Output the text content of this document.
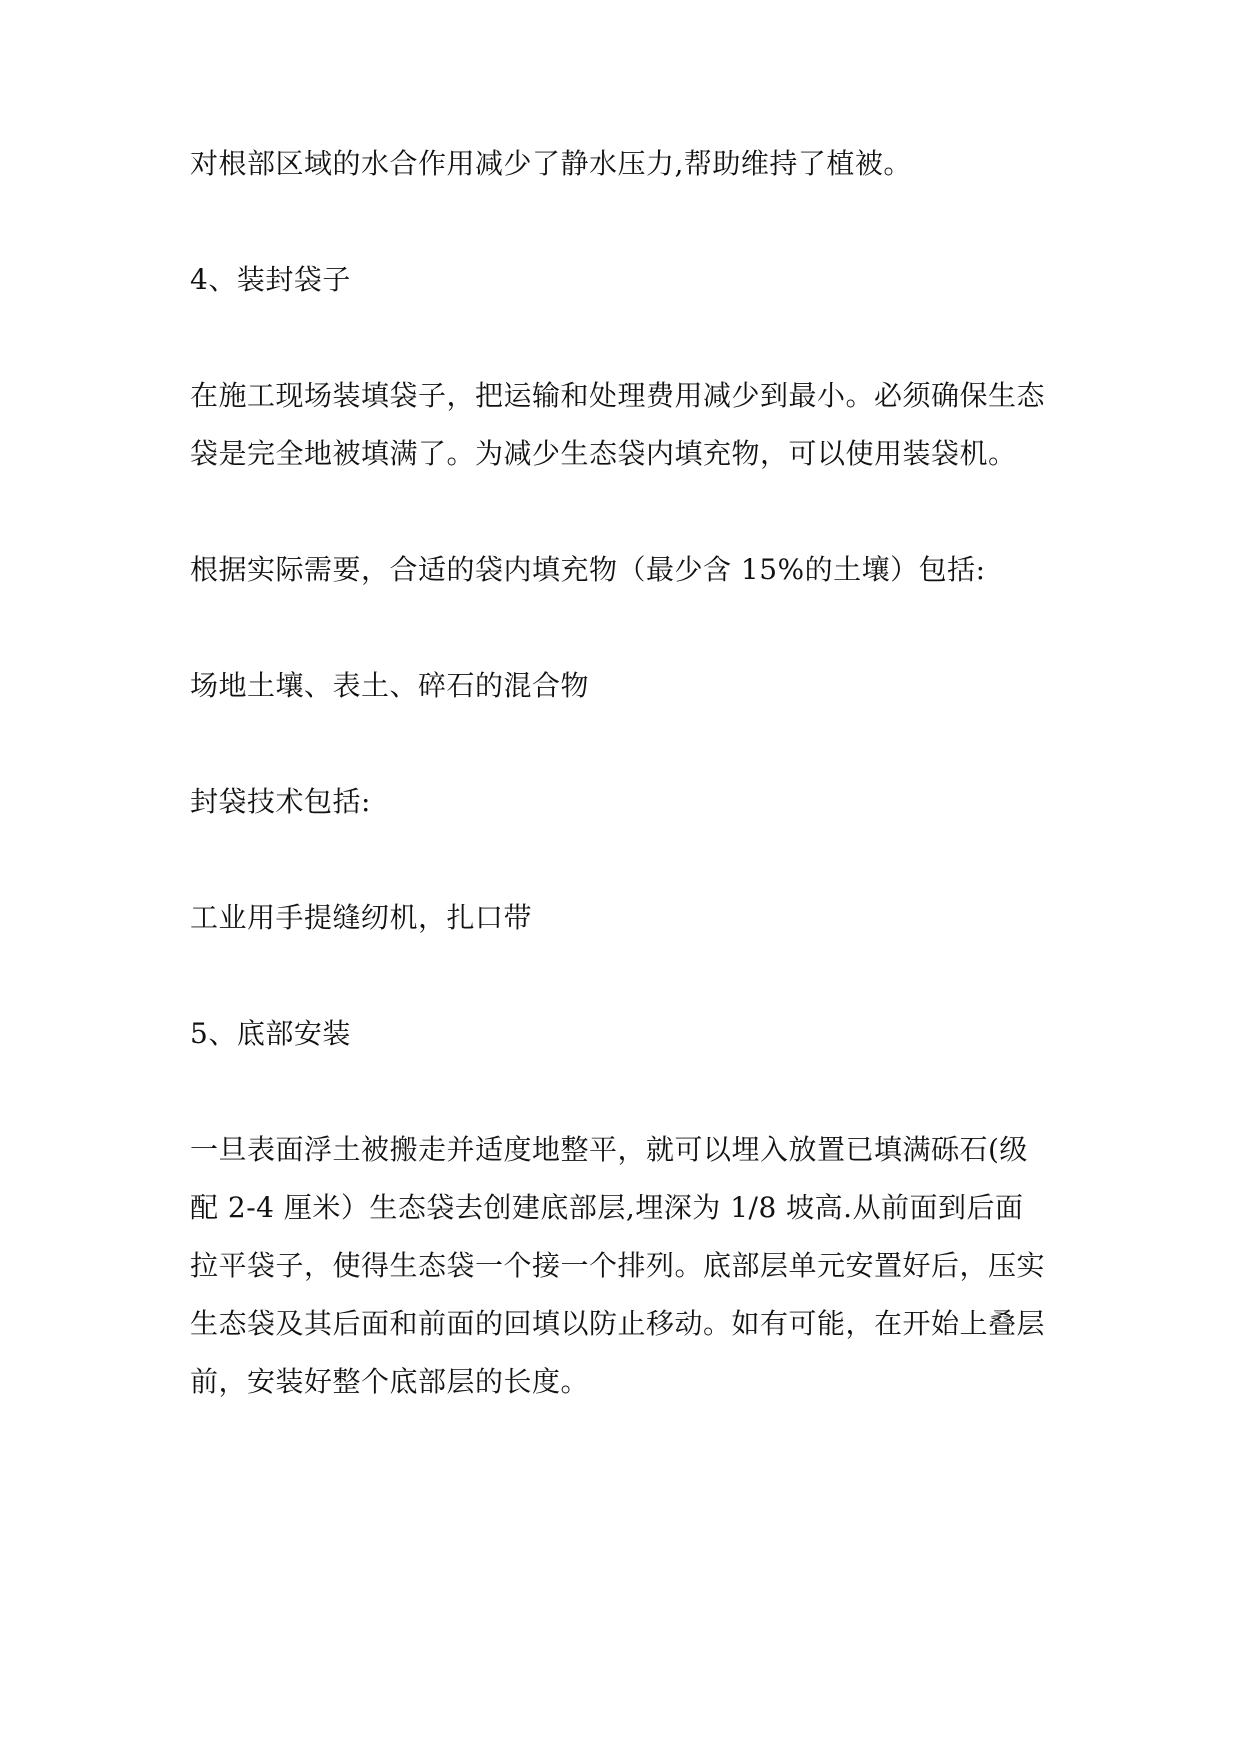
对根部区域的水合作用减少了静水压力,帮助维持了植被。
4、装封袋子
在施工现场装填袋子，把运输和处理费用减少到最小。必须确保生态
袋是完全地被填满了。为减少生态袋内填充物，可以使用装袋机。
根据实际需要，合适的袋内填充物（最少含 15%的土壤）包括:
场地土壤、表土、碎石的混合物
封袋技术包括:
工业用手提缝纫机，扎口带
5、底部安装
一旦表面浮土被搬走并适度地整平，就可以埋入放置已填满砾石(级
配 2-4 厘米）生态袋去创建底部层,埋深为 1/8 坡高.从前面到后面
拉平袋子，使得生态袋一个接一个排列。底部层单元安置好后，压实
生态袋及其后面和前面的回填以防止移动。如有可能，在开始上叠层
前，安装好整个底部层的长度。
